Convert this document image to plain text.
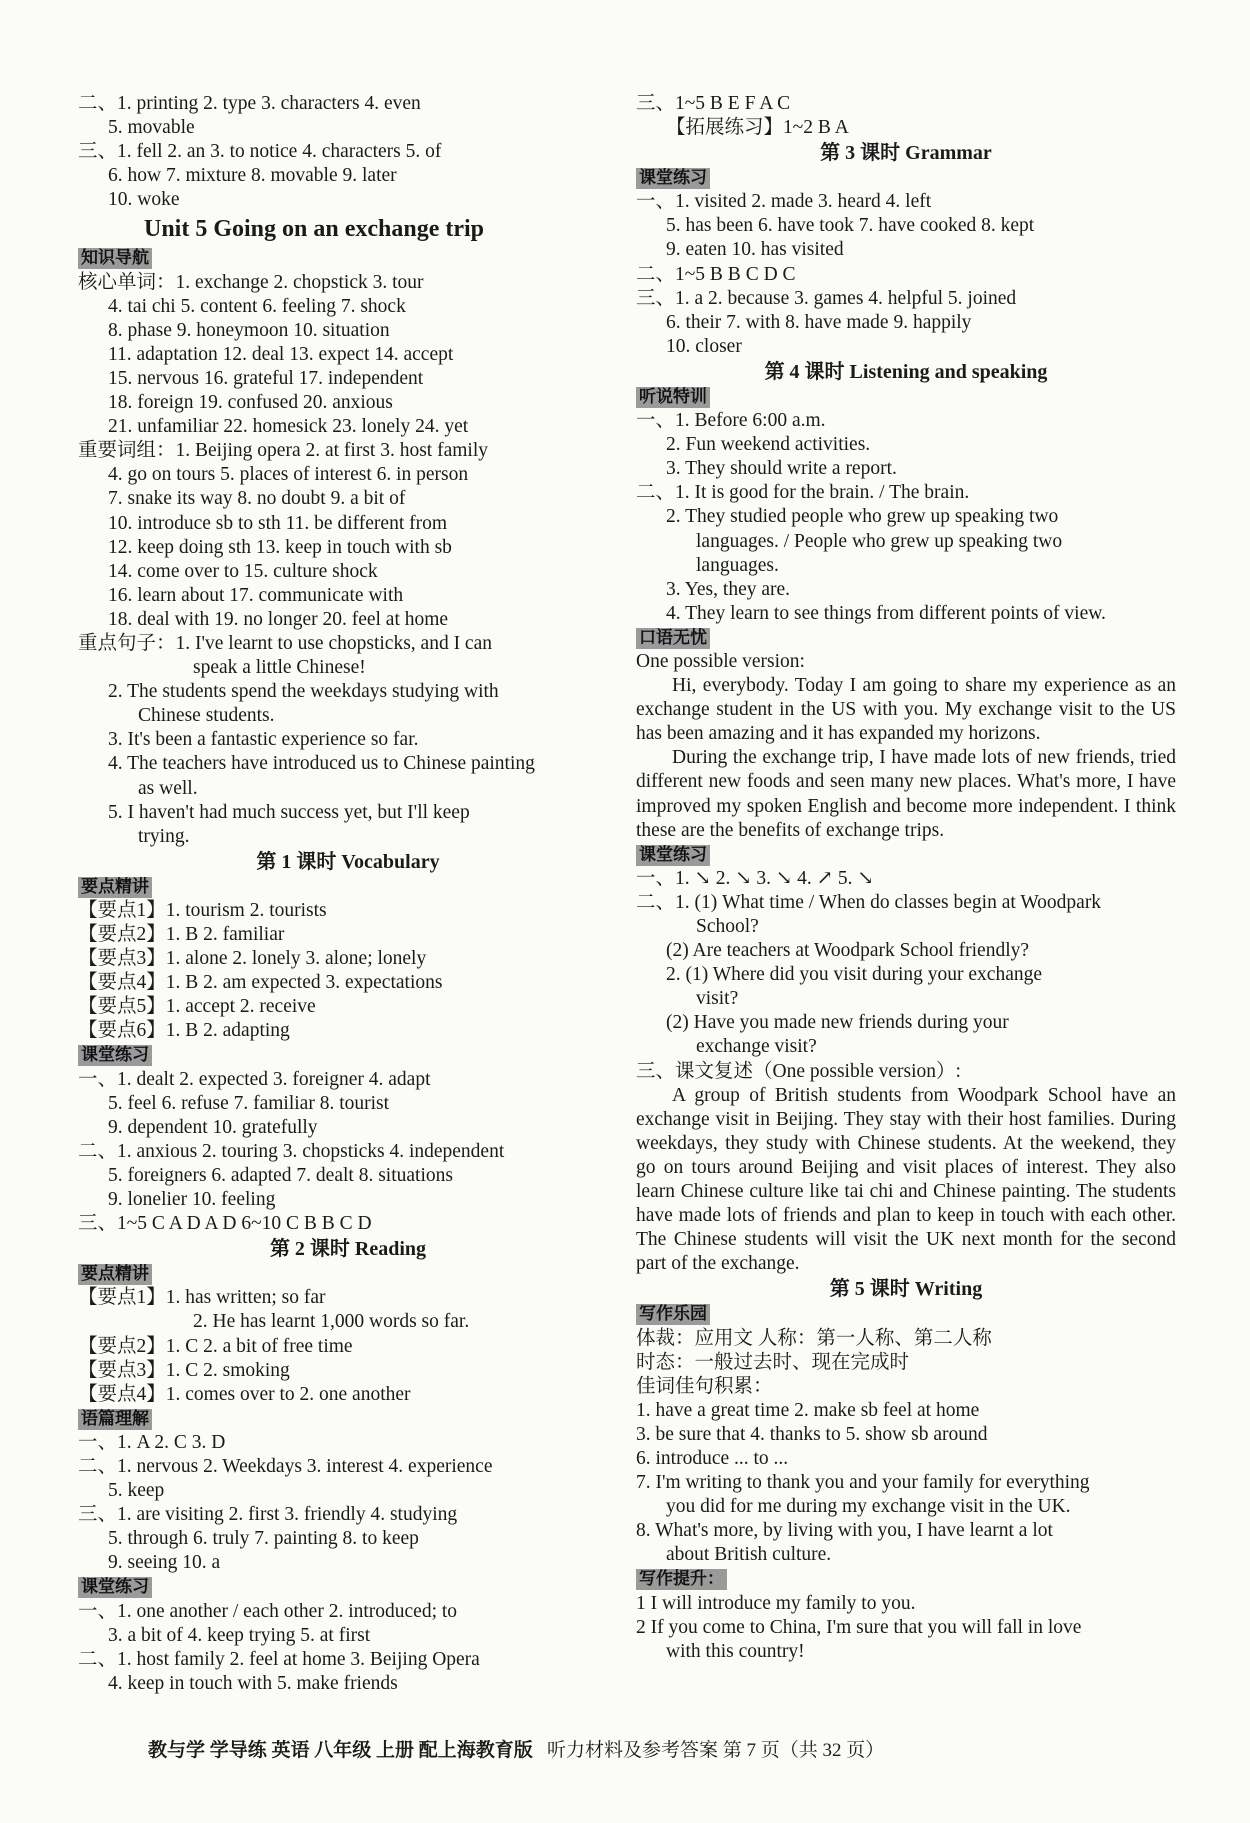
二、1. printing 2. type 3. characters 4. even
5. movable
三、1. fell 2. an 3. to notice 4. characters 5. of
6. how 7. mixture 8. movable 9. later
10. woke
Unit 5 Going on an exchange trip
知识导航
核心单词：1. exchange 2. chopstick 3. tour
4. tai chi 5. content 6. feeling 7. shock
8. phase 9. honeymoon 10. situation
11. adaptation 12. deal 13. expect 14. accept
15. nervous 16. grateful 17. independent
18. foreign 19. confused 20. anxious
21. unfamiliar 22. homesick 23. lonely 24. yet
重要词组：1. Beijing opera 2. at first 3. host family
4. go on tours 5. places of interest 6. in person
7. snake its way 8. no doubt 9. a bit of
10. introduce sb to sth 11. be different from
12. keep doing sth 13. keep in touch with sb
14. come over to 15. culture shock
16. learn about 17. communicate with
18. deal with 19. no longer 20. feel at home
重点句子：1. I've learnt to use chopsticks, and I can
speak a little Chinese!
2. The students spend the weekdays studying with
Chinese students.
3. It's been a fantastic experience so far.
4. The teachers have introduced us to Chinese painting
as well.
5. I haven't had much success yet, but I'll keep
trying.
第 1 课时 Vocabulary
要点精讲
【要点1】1. tourism 2. tourists
【要点2】1. B 2. familiar
【要点3】1. alone 2. lonely 3. alone; lonely
【要点4】1. B 2. am expected 3. expectations
【要点5】1. accept 2. receive
【要点6】1. B 2. adapting
课堂练习
一、1. dealt 2. expected 3. foreigner 4. adapt
5. feel 6. refuse 7. familiar 8. tourist
9. dependent 10. gratefully
二、1. anxious 2. touring 3. chopsticks 4. independent
5. foreigners 6. adapted 7. dealt 8. situations
9. lonelier 10. feeling
三、1~5 C A D A D 6~10 C B B C D
第 2 课时 Reading
要点精讲
【要点1】1. has written; so far
2. He has learnt 1,000 words so far.
【要点2】1. C 2. a bit of free time
【要点3】1. C 2. smoking
【要点4】1. comes over to 2. one another
语篇理解
一、1. A 2. C 3. D
二、1. nervous 2. Weekdays 3. interest 4. experience
5. keep
三、1. are visiting 2. first 3. friendly 4. studying
5. through 6. truly 7. painting 8. to keep
9. seeing 10. a
课堂练习
一、1. one another / each other 2. introduced; to
3. a bit of 4. keep trying 5. at first
二、1. host family 2. feel at home 3. Beijing Opera
4. keep in touch with 5. make friends
三、1~5 B E F A C
【拓展练习】1~2 B A
第 3 课时 Grammar
课堂练习
一、1. visited 2. made 3. heard 4. left
5. has been 6. have took 7. have cooked 8. kept
9. eaten 10. has visited
二、1~5 B B C D C
三、1. a 2. because 3. games 4. helpful 5. joined
6. their 7. with 8. have made 9. happily
10. closer
第 4 课时 Listening and speaking
听说特训
一、1. Before 6:00 a.m.
2. Fun weekend activities.
3. They should write a report.
二、1. It is good for the brain. / The brain.
2. They studied people who grew up speaking two
languages. / People who grew up speaking two
languages.
3. Yes, they are.
4. They learn to see things from different points of view.
口语无忧
One possible version:
Hi, everybody. Today I am going to share my experience as an exchange student in the US with you. My exchange visit to the US has been amazing and it has expanded my horizons.
During the exchange trip, I have made lots of new friends, tried different new foods and seen many new places. What's more, I have improved my spoken English and become more independent. I think these are the benefits of exchange trips.
课堂练习
一、1. ↘ 2. ↘ 3. ↘ 4. ↗ 5. ↘
二、1. (1) What time / When do classes begin at Woodpark
School?
(2) Are teachers at Woodpark School friendly?
2. (1) Where did you visit during your exchange
visit?
(2) Have you made new friends during your
exchange visit?
三、课文复述（One possible version）:
A group of British students from Woodpark School have an exchange visit in Beijing. They stay with their host families. During weekdays, they study with Chinese students. At the weekend, they go on tours around Beijing and visit places of interest. They also learn Chinese culture like tai chi and Chinese painting. The students have made lots of friends and plan to keep in touch with each other. The Chinese students will visit the UK next month for the second part of the exchange.
第 5 课时 Writing
写作乐园
体裁：应用文 人称：第一人称、第二人称
时态：一般过去时、现在完成时
佳词佳句积累：
1. have a great time 2. make sb feel at home
3. be sure that 4. thanks to 5. show sb around
6. introduce ... to ...
7. I'm writing to thank you and your family for everything
you did for me during my exchange visit in the UK.
8. What's more, by living with you, I have learnt a lot
about British culture.
写作提升：
1 I will introduce my family to you.
2 If you come to China, I'm sure that you will fall in love
with this country!
教与学 学导练 英语 八年级 上册 配上海教育版 听力材料及参考答案 第 7 页（共 32 页）
